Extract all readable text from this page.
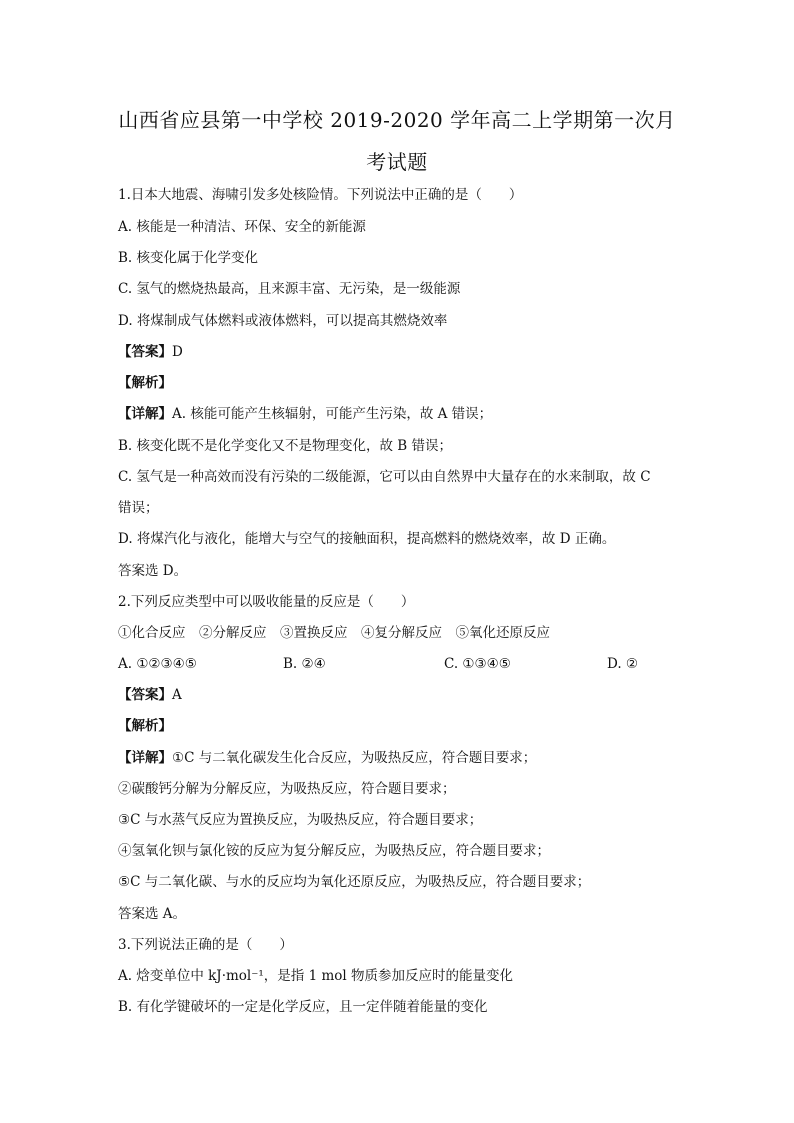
山西省应县第一中学校 2019-2020 学年高二上学期第一次月
考试题
1.日本大地震、海啸引发多处核险情。下列说法中正确的是（　　）
A. 核能是一种清洁、环保、安全的新能源
B. 核变化属于化学变化
C. 氢气的燃烧热最高，且来源丰富、无污染，是一级能源
D. 将煤制成气体燃料或液体燃料，可以提高其燃烧效率
【答案】D
【解析】
【详解】A. 核能可能产生核辐射，可能产生污染，故 A 错误；
B. 核变化既不是化学变化又不是物理变化，故 B 错误；
C. 氢气是一种高效而没有污染的二级能源，它可以由自然界中大量存在的水来制取，故 C
错误；
D. 将煤汽化与液化，能增大与空气的接触面积，提高燃料的燃烧效率，故 D 正确。
答案选 D。
2.下列反应类型中可以吸收能量的反应是（　　）
①化合反应　②分解反应　③置换反应　④复分解反应　⑤氧化还原反应
A. ①②③④⑤	B. ②④	C. ①③④⑤	D. ②
【答案】A
【解析】
【详解】①C 与二氧化碳发生化合反应，为吸热反应，符合题目要求；
②碳酸钙分解为分解反应，为吸热反应，符合题目要求；
③C 与水蒸气反应为置换反应，为吸热反应，符合题目要求；
④氢氧化钡与氯化铵的反应为复分解反应，为吸热反应，符合题目要求；
⑤C 与二氧化碳、与水的反应均为氧化还原反应，为吸热反应，符合题目要求；
答案选 A。
3.下列说法正确的是（　　）
A. 焓变单位中 kJ·mol⁻¹，是指 1 mol 物质参加反应时的能量变化
B. 有化学键破坏的一定是化学反应，且一定伴随着能量的变化
